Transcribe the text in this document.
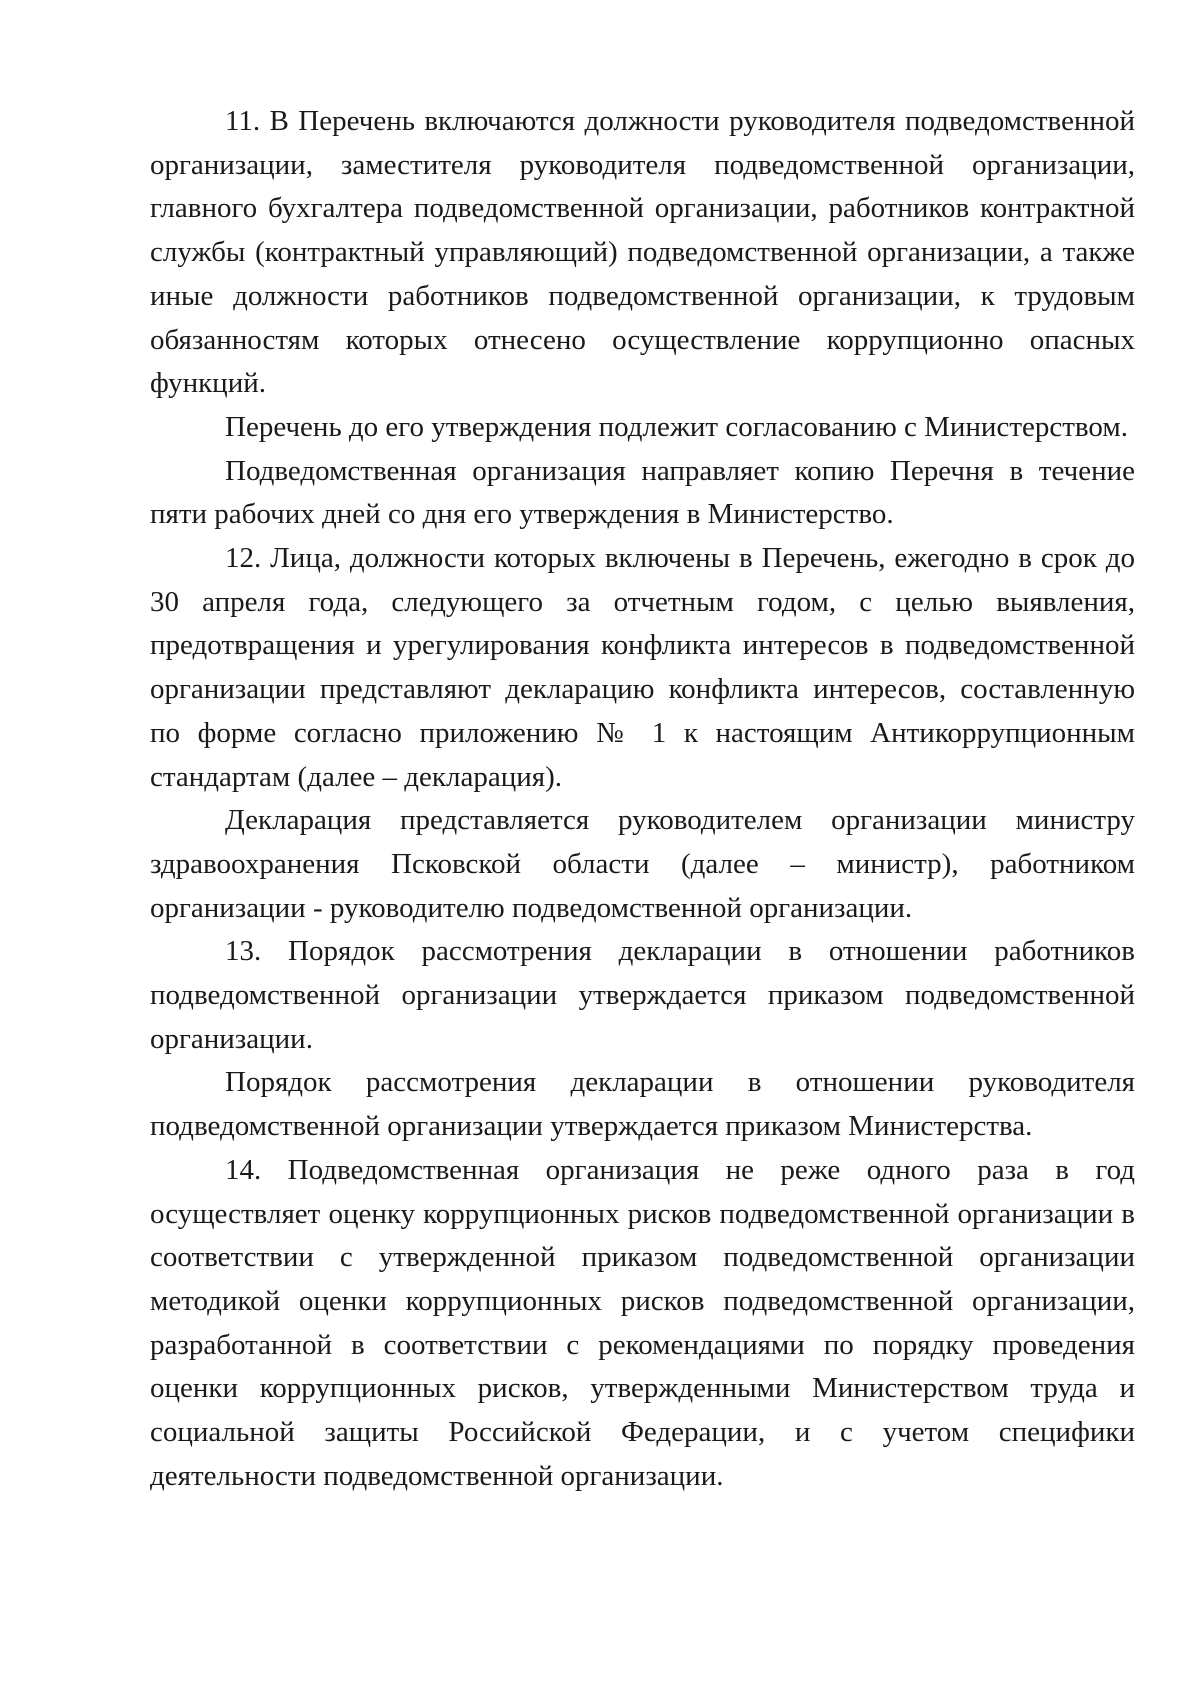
11. В Перечень включаются должности руководителя подведомственной организации, заместителя руководителя подведомственной организации, главного бухгалтера подведомственной организации, работников контрактной службы (контрактный управляющий) подведомственной организации, а также иные должности работников подведомственной организации, к трудовым обязанностям которых отнесено осуществление коррупционно опасных функций.

Перечень до его утверждения подлежит согласованию с Министерством.

Подведомственная организация направляет копию Перечня в течение пяти рабочих дней со дня его утверждения в Министерство.

12. Лица, должности которых включены в Перечень, ежегодно в срок до 30 апреля года, следующего за отчетным годом, с целью выявления, предотвращения и урегулирования конфликта интересов в подведомственной организации представляют декларацию конфликта интересов, составленную по форме согласно приложению № 1 к настоящим Антикоррупционным стандартам (далее – декларация).

Декларация представляется руководителем организации министру здравоохранения Псковской области (далее – министр), работником организации - руководителю подведомственной организации.

13. Порядок рассмотрения декларации в отношении работников подведомственной организации утверждается приказом подведомственной организации.

Порядок рассмотрения декларации в отношении руководителя подведомственной организации утверждается приказом Министерства.

14. Подведомственная организация не реже одного раза в год осуществляет оценку коррупционных рисков подведомственной организации в соответствии с утвержденной приказом подведомственной организации методикой оценки коррупционных рисков подведомственной организации, разработанной в соответствии с рекомендациями по порядку проведения оценки коррупционных рисков, утвержденными Министерством труда и социальной защиты Российской Федерации, и с учетом специфики деятельности подведомственной организации.
